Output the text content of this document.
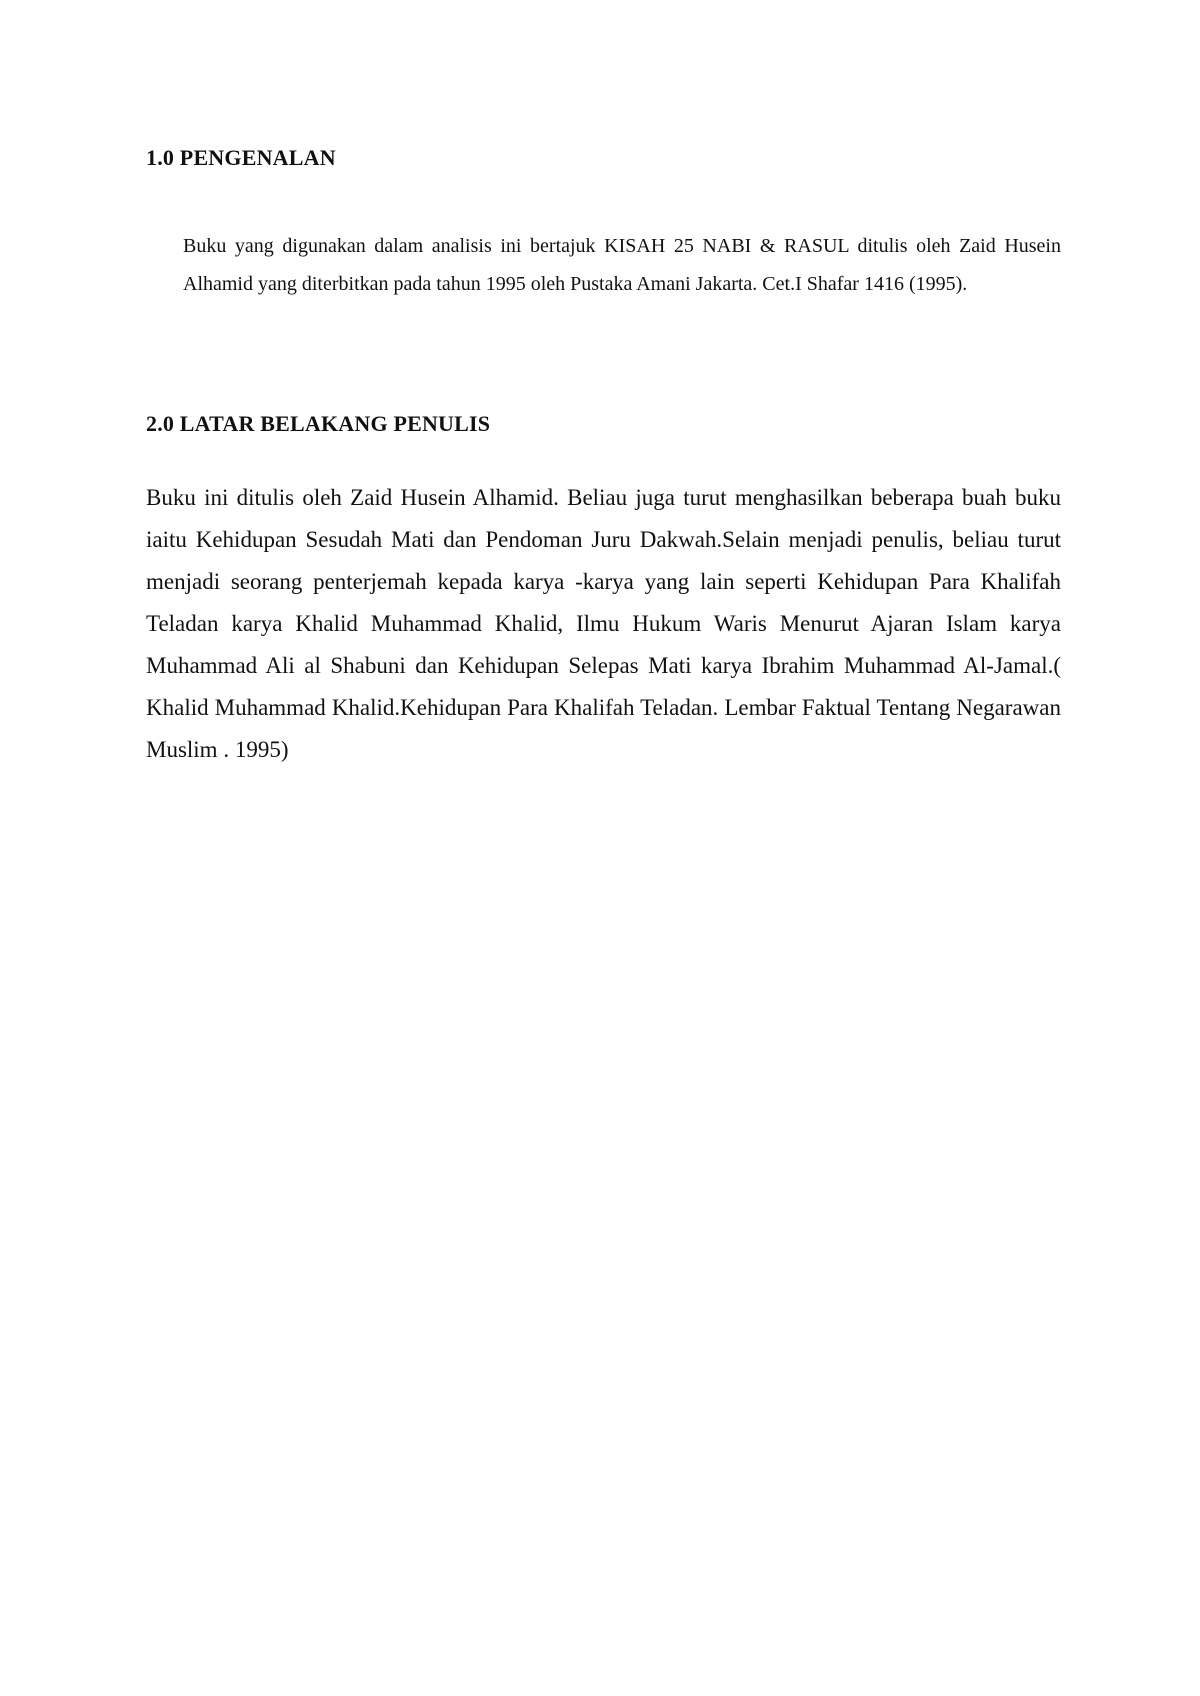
1.0 PENGENALAN

Buku yang digunakan dalam analisis ini bertajuk KISAH 25 NABI & RASUL ditulis oleh Zaid Husein Alhamid yang diterbitkan pada tahun 1995 oleh Pustaka Amani Jakarta. Cet.I Shafar 1416 (1995).

2.0 LATAR BELAKANG PENULIS

Buku ini ditulis oleh Zaid Husein Alhamid. Beliau juga turut menghasilkan beberapa buah buku iaitu Kehidupan Sesudah Mati dan Pendoman Juru Dakwah.Selain menjadi penulis, beliau turut menjadi seorang penterjemah kepada karya -karya yang lain seperti Kehidupan Para Khalifah Teladan karya Khalid Muhammad Khalid, Ilmu Hukum Waris Menurut Ajaran Islam karya Muhammad Ali al Shabuni dan Kehidupan Selepas Mati karya Ibrahim Muhammad Al-Jamal.( Khalid Muhammad Khalid.Kehidupan Para Khalifah Teladan. Lembar Faktual Tentang Negarawan Muslim . 1995)
